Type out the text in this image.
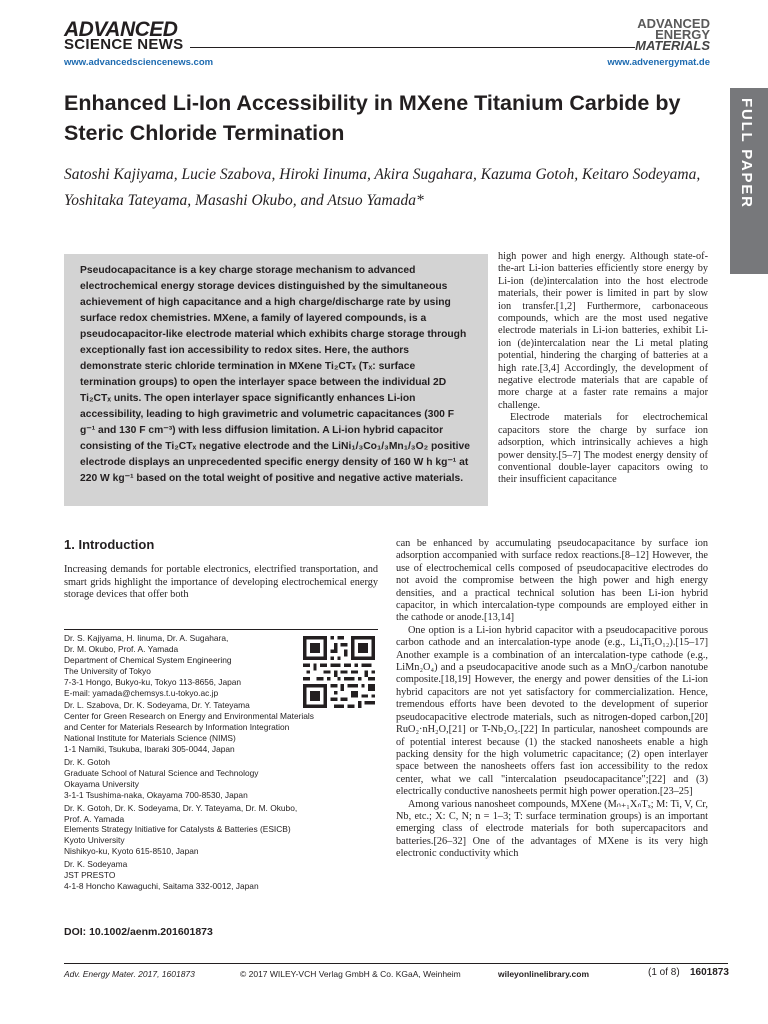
ADVANCED
SCIENCE NEWS
www.advancedsciencenews.com
ADVANCED
ENERGY
MATERIALS
www.advenergymat.de
FULL PAPER
Enhanced Li-Ion Accessibility in MXene Titanium Carbide by Steric Chloride Termination
Satoshi Kajiyama, Lucie Szabova, Hiroki Iinuma, Akira Sugahara, Kazuma Gotoh, Keitaro Sodeyama, Yoshitaka Tateyama, Masashi Okubo, and Atsuo Yamada*

Pseudocapacitance is a key charge storage mechanism to advanced electrochemical energy storage devices distinguished by the simultaneous achievement of high capacitance and a high charge/discharge rate by using surface redox chemistries. MXene, a family of layered compounds, is a pseudocapacitor-like electrode material which exhibits charge storage through exceptionally fast ion accessibility to redox sites. Here, the authors demonstrate steric chloride termination in MXene Ti₂CTₓ (Tₓ: surface termination groups) to open the interlayer space between the individual 2D Ti₂CTₓ units. The open interlayer space significantly enhances Li-ion accessibility, leading to high gravimetric and volumetric capacitances (300 F g⁻¹ and 130 F cm⁻³) with less diffusion limitation. A Li-ion hybrid capacitor consisting of the Ti₂CTₓ negative electrode and the LiNi₁/₃Co₁/₃Mn₁/₃O₂ positive electrode displays an unprecedented specific energy density of 160 W h kg⁻¹ at 220 W kg⁻¹ based on the total weight of positive and negative active materials.

high power and high energy. Although state-of-the-art Li-ion batteries efficiently store energy by Li-ion (de)intercalation into the host electrode materials, their power is limited in part by slow ion transfer.[1,2] Furthermore, carbonaceous compounds, which are the most used negative electrode materials in Li-ion batteries, exhibit Li-ion (de)intercalation near the Li metal plating potential, hindering the charging of batteries at a high rate.[3,4] Accordingly, the development of negative electrode materials that are capable of more charge at a faster rate remains a major challenge.

Electrode materials for electrochemical capacitors store the charge by surface ion adsorption, which intrinsically achieves a high power density.[5–7] The modest energy density of conventional double-layer capacitors owing to their insufficient capacitance

1. Introduction
Increasing demands for portable electronics, electrified transportation, and smart grids highlight the importance of developing electrochemical energy storage devices that offer both

can be enhanced by accumulating pseudocapacitance by surface ion adsorption accompanied with surface redox reactions.[8–12] However, the use of electrochemical cells composed of pseudocapacitive electrodes do not avoid the compromise between the high power and high energy densities, and a practical technical solution has been Li-ion hybrid capacitor, in which intercalation-type compounds are employed either in the cathode or anode.[13,14]

One option is a Li-ion hybrid capacitor with a pseudocapacitive porous carbon cathode and an intercalation-type anode (e.g., Li₄Ti₅O₁₂).[15–17] Another example is a combination of an intercalation-type cathode (e.g., LiMn₂O₄) and a pseudocapacitive anode such as a MnO₂/carbon nanotube composite.[18,19] However, the energy and power densities of the Li-ion hybrid capacitors are not yet satisfactory for commercialization. Hence, tremendous efforts have been devoted to the development of superior pseudocapacitive electrode materials, such as nitrogen-doped carbon,[20] RuO₂·nH₂O,[21] or T-Nb₂O₅.[22] In particular, nanosheet compounds are of potential interest because (1) the stacked nanosheets enable a high packing density for the high volumetric capacitance; (2) open interlayer space between the nanosheets offers fast ion accessibility to the redox center, what we call "intercalation pseudocapacitance";[22] and (3) electrically conductive nanosheets permit high power operation.[23–25]

Among various nanosheet compounds, MXene (Mₙ₊₁XₙTₓ; M: Ti, V, Cr, Nb, etc.; X: C, N; n = 1–3; T: surface termination groups) is an important emerging class of electrode materials for both supercapacitors and batteries.[26–32] One of the advantages of MXene is its very high electronic conductivity which

Dr. S. Kajiyama, H. Iinuma, Dr. A. Sugahara,

Dr. M. Okubo, Prof. A. Yamada

Department of Chemical System Engineering

The University of Tokyo

7-3-1 Hongo, Bukyo-ku, Tokyo 113-8656, Japan

E-mail: yamada@chemsys.t.u-tokyo.ac.jp

Dr. L. Szabova, Dr. K. Sodeyama, Dr. Y. Tateyama

Center for Green Research on Energy and Environmental Materials

and Center for Materials Research by Information Integration

National Institute for Materials Science (NIMS)

1-1 Namiki, Tsukuba, Ibaraki 305-0044, Japan

Dr. K. Gotoh

Graduate School of Natural Science and Technology

Okayama University

3-1-1 Tsushima-naka, Okayama 700-8530, Japan

Dr. K. Gotoh, Dr. K. Sodeyama, Dr. Y. Tateyama, Dr. M. Okubo,

Prof. A. Yamada

Elements Strategy Initiative for Catalysts & Batteries (ESICB)

Kyoto University

Nishikyo-ku, Kyoto 615-8510, Japan

Dr. K. Sodeyama

JST PRESTO

4-1-8 Honcho Kawaguchi, Saitama 332-0012, Japan

DOI: 10.1002/aenm.201601873
Adv. Energy Mater. 2017, 1601873	© 2017 WILEY-VCH Verlag GmbH & Co. KGaA, Weinheim	wileyonlinelibrary.com	(1 of 8) 1601873
